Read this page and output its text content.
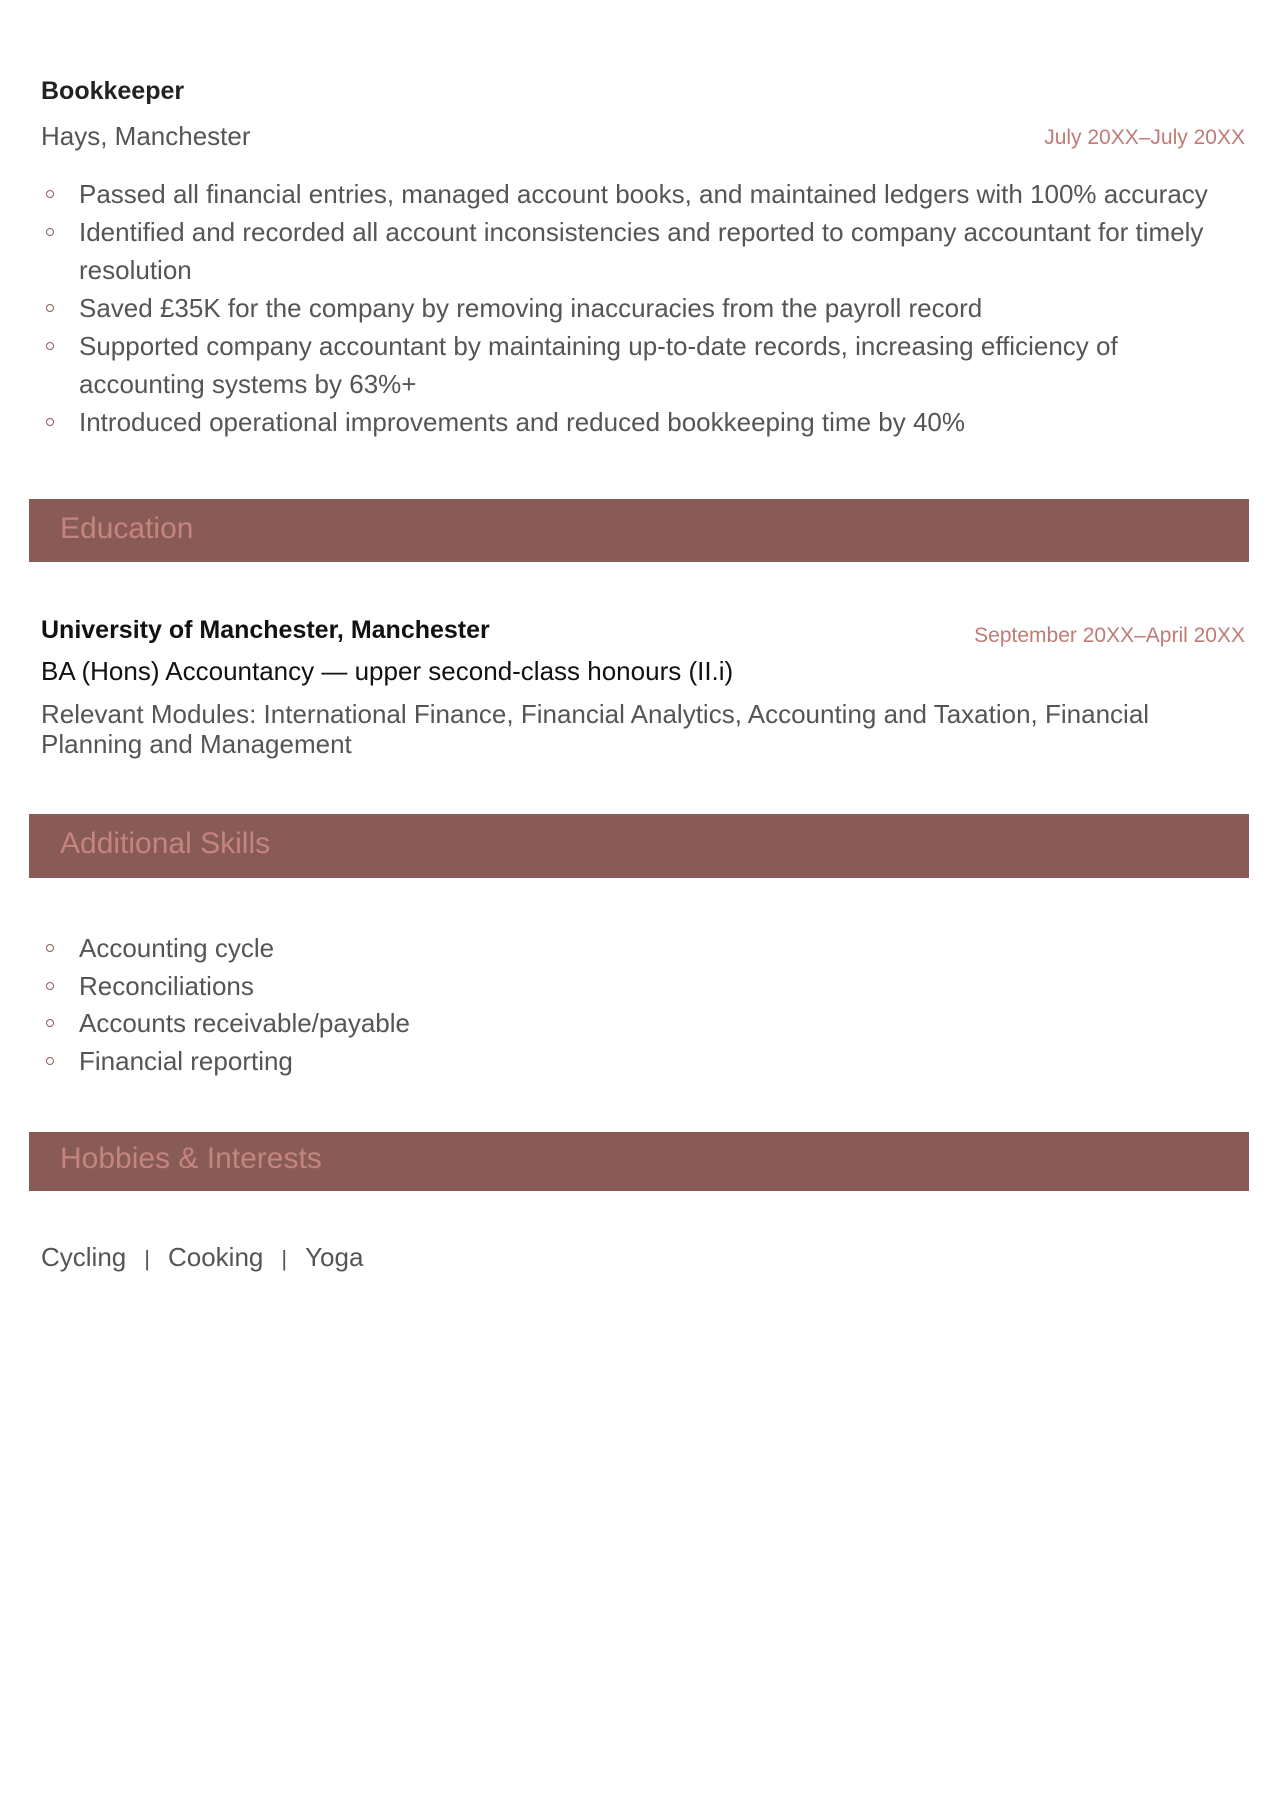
Bookkeeper
Hays, Manchester	July 20XX–July 20XX
Passed all financial entries, managed account books, and maintained ledgers with 100% accuracy
Identified and recorded all account inconsistencies and reported to company accountant for timely
resolution
Saved £35K for the company by removing inaccuracies from the payroll record
Supported company accountant by maintaining up-to-date records, increasing efficiency of
accounting systems by 63%+
Introduced operational improvements and reduced bookkeeping time by 40%
Education
University of Manchester, Manchester	September 20XX–April 20XX
BA (Hons) Accountancy — upper second-class honours (II.i)
Relevant Modules: International Finance, Financial Analytics, Accounting and Taxation, Financial Planning and Management
Additional Skills
Accounting cycle
Reconciliations
Accounts receivable/payable
Financial reporting
Hobbies & Interests
Cycling | Cooking | Yoga
